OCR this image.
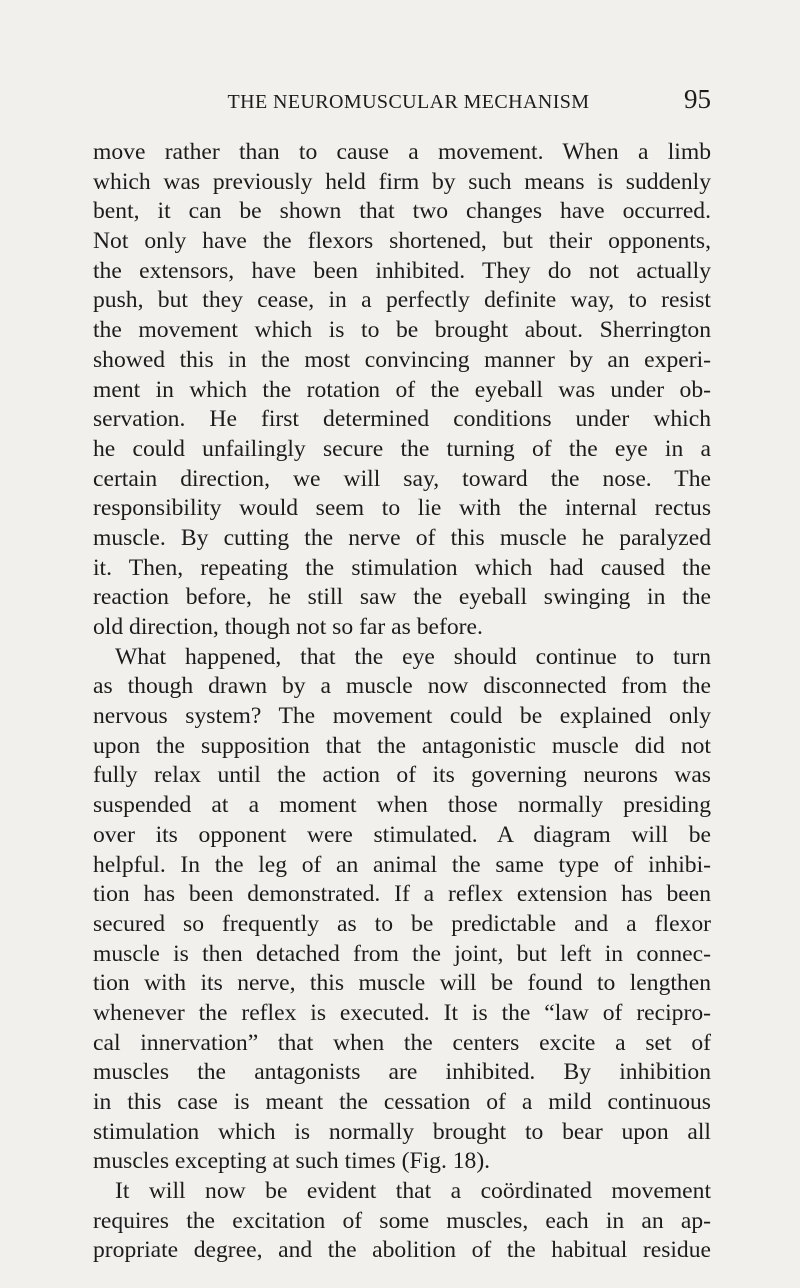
THE NEUROMUSCULAR MECHANISM	95
move rather than to cause a movement. When a limb
which was previously held firm by such means is suddenly
bent, it can be shown that two changes have occurred.
Not only have the flexors shortened, but their opponents,
the extensors, have been inhibited. They do not actually
push, but they cease, in a perfectly definite way, to resist
the movement which is to be brought about. Sherrington
showed this in the most convincing manner by an experi-
ment in which the rotation of the eyeball was under ob-
servation. He first determined conditions under which
he could unfailingly secure the turning of the eye in a
certain direction, we will say, toward the nose. The
responsibility would seem to lie with the internal rectus
muscle. By cutting the nerve of this muscle he paralyzed
it. Then, repeating the stimulation which had caused the
reaction before, he still saw the eyeball swinging in the
old direction, though not so far as before.
What happened, that the eye should continue to turn
as though drawn by a muscle now disconnected from the
nervous system? The movement could be explained only
upon the supposition that the antagonistic muscle did not
fully relax until the action of its governing neurons was
suspended at a moment when those normally presiding
over its opponent were stimulated. A diagram will be
helpful. In the leg of an animal the same type of inhibi-
tion has been demonstrated. If a reflex extension has been
secured so frequently as to be predictable and a flexor
muscle is then detached from the joint, but left in connec-
tion with its nerve, this muscle will be found to lengthen
whenever the reflex is executed. It is the “law of recipro-
cal innervation” that when the centers excite a set of
muscles the antagonists are inhibited. By inhibition
in this case is meant the cessation of a mild continuous
stimulation which is normally brought to bear upon all
muscles excepting at such times (Fig. 18).
It will now be evident that a coördinated movement
requires the excitation of some muscles, each in an ap-
propriate degree, and the abolition of the habitual residue
